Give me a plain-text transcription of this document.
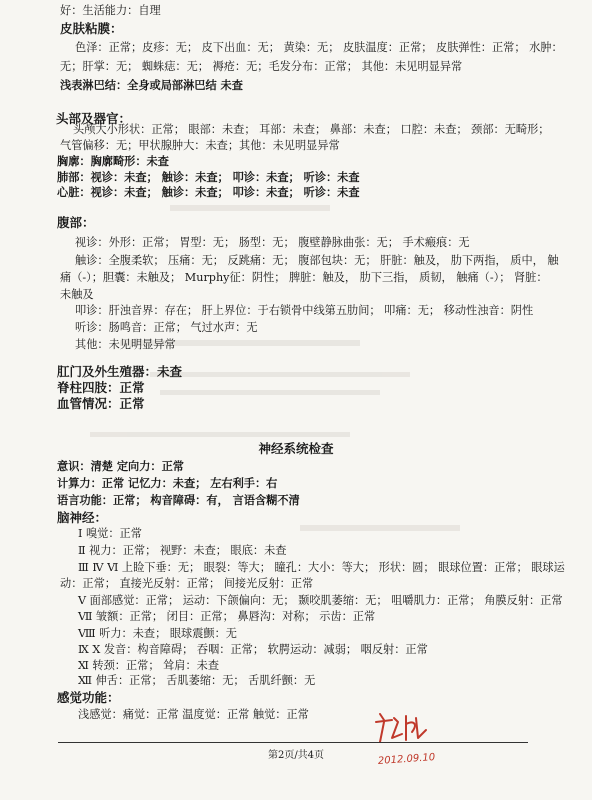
好：生活能力：自理
皮肤粘膜：
色泽：正常；皮疹：无； 皮下出血：无； 黄染：无； 皮肤温度：正常； 皮肤弹性：正常； 水肿：
无；肝掌：无； 蜘蛛痣：无； 褥疮：无；毛发分布：正常； 其他：未见明显异常
浅表淋巴结：全身或局部淋巴结 未查
头部及器官：
头颅大小形状：正常； 眼部：未查； 耳部：未查； 鼻部：未查； 口腔：未查； 颈部：无畸形；
气管偏移：无；甲状腺肿大：未查；其他：未见明显异常
胸廓：胸廓畸形：未查
肺部：视诊：未查； 触诊：未查； 叩诊：未查； 听诊：未查
心脏：视诊：未查； 触诊：未查； 叩诊：未查； 听诊：未查
腹部：
视诊：外形：正常； 胃型：无； 肠型：无； 腹壁静脉曲张：无； 手术瘢痕：无
触诊：全腹柔软； 压痛：无； 反跳痛：无； 腹部包块：无； 肝脏：触及， 肋下两指， 质中， 触
痛（-）；胆囊：未触及； Murphy征：阴性； 脾脏：触及， 肋下三指， 质韧， 触痛（-）； 肾脏：
未触及
叩诊：肝浊音界：存在； 肝上界位：于右锁骨中线第五肋间； 叩痛：无； 移动性浊音：阴性
听诊：肠鸣音：正常； 气过水声：无
其他：未见明显异常
肛门及外生殖器：未查
脊柱四肢：正常
血管情况：正常
神经系统检查
意识：清楚 定向力：正常
计算力：正常 记忆力：未查； 左右利手：右
语言功能：正常； 构音障碍：有， 言语含糊不清
脑神经：
Ⅰ 嗅觉：正常
Ⅱ 视力：正常； 视野：未查； 眼底：未查
Ⅲ Ⅳ Ⅵ 上睑下垂：无； 眼裂：等大； 瞳孔：大小：等大； 形状：圆； 眼球位置：正常； 眼球运
动：正常； 直接光反射：正常； 间接光反射：正常
Ⅴ 面部感觉：正常； 运动：下颌偏向：无； 颞咬肌萎缩：无； 咀嚼肌力：正常； 角膜反射：正常
Ⅶ 皱额：正常； 闭目：正常； 鼻唇沟：对称； 示齿：正常
Ⅷ 听力：未查； 眼球震颤：无
Ⅸ Ⅹ 发音：构音障碍； 吞咽：正常； 软腭运动：减弱； 咽反射：正常
Ⅺ 转颈：正常； 耸肩：未查
Ⅻ 伸舌：正常； 舌肌萎缩：无； 舌肌纤颤：无
感觉功能：
浅感觉：痛觉：正常 温度觉：正常 触觉：正常
2012.09.10
第2页/共4页
